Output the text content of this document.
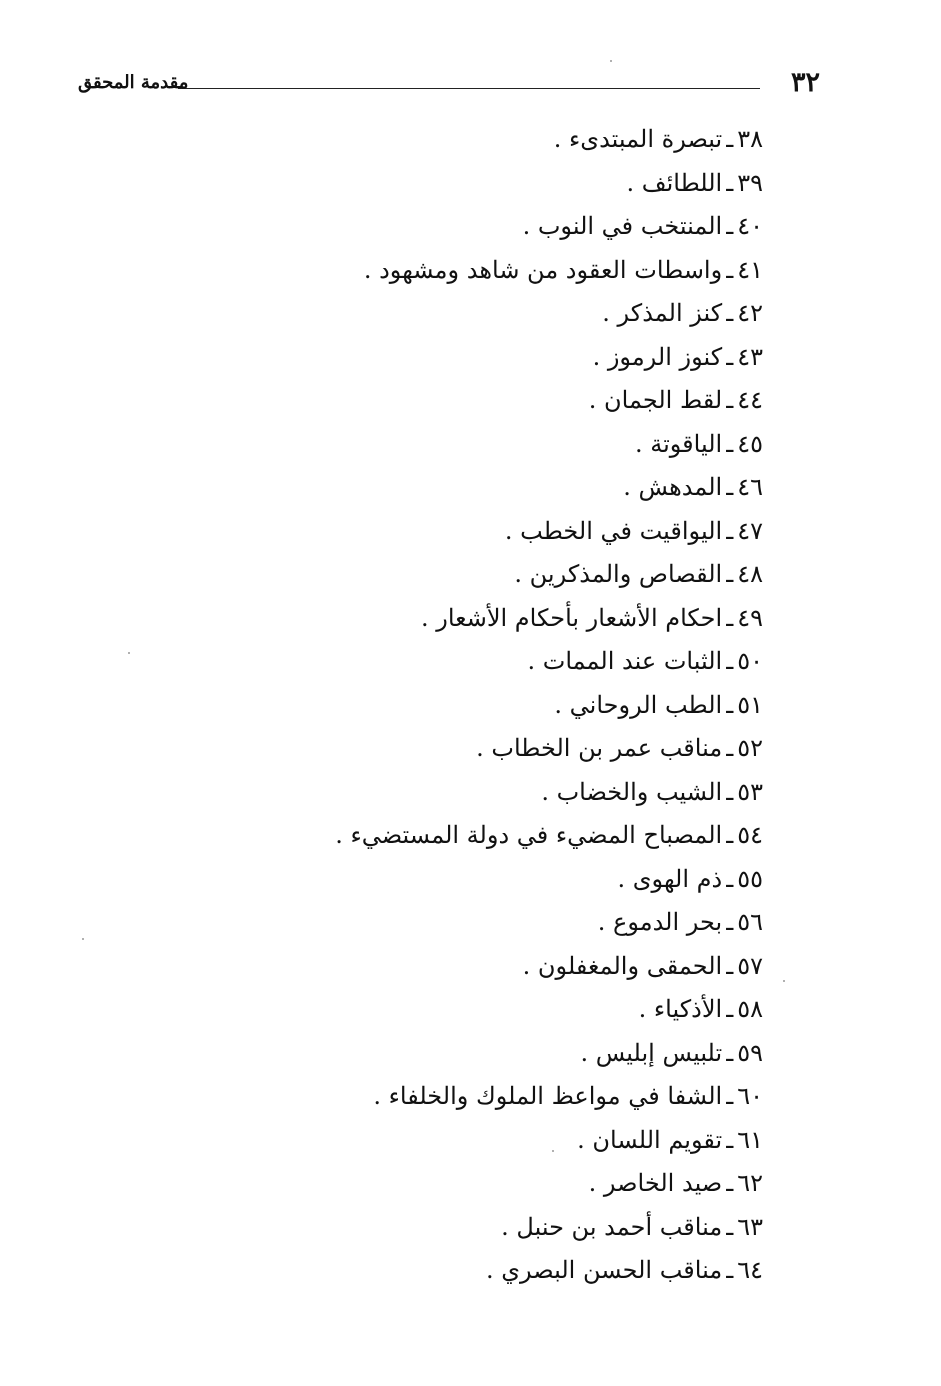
٣٢
مقدمة المحقق
٣٨ـتبصرة المبتدىء .
٣٩ـاللطائف .
٤٠ـالمنتخب في النوب .
٤١ـواسطات العقود من شاهد ومشهود .
٤٢ـكنز المذكر .
٤٣ـكنوز الرموز .
٤٤ـلقط الجمان .
٤٥ـالياقوتة .
٤٦ـالمدهش .
٤٧ـاليواقيت في الخطب .
٤٨ـالقصاص والمذكرين .
٤٩ـاحكام الأشعار بأحكام الأشعار .
٥٠ـالثبات عند الممات .
٥١ـالطب الروحاني .
٥٢ـمناقب عمر بن الخطاب .
٥٣ـالشيب والخضاب .
٥٤ـالمصباح المضيء في دولة المستضيء .
٥٥ـذم الهوى .
٥٦ـبحر الدموع .
٥٧ـالحمقى والمغفلون .
٥٨ـالأذكياء .
٥٩ـتلبيس إبليس .
٦٠ـالشفا في مواعظ الملوك والخلفاء .
٦١ـتقويم اللسان .
٦٢ـصيد الخاصر .
٦٣ـمناقب أحمد بن حنبل .
٦٤ـمناقب الحسن البصري .
